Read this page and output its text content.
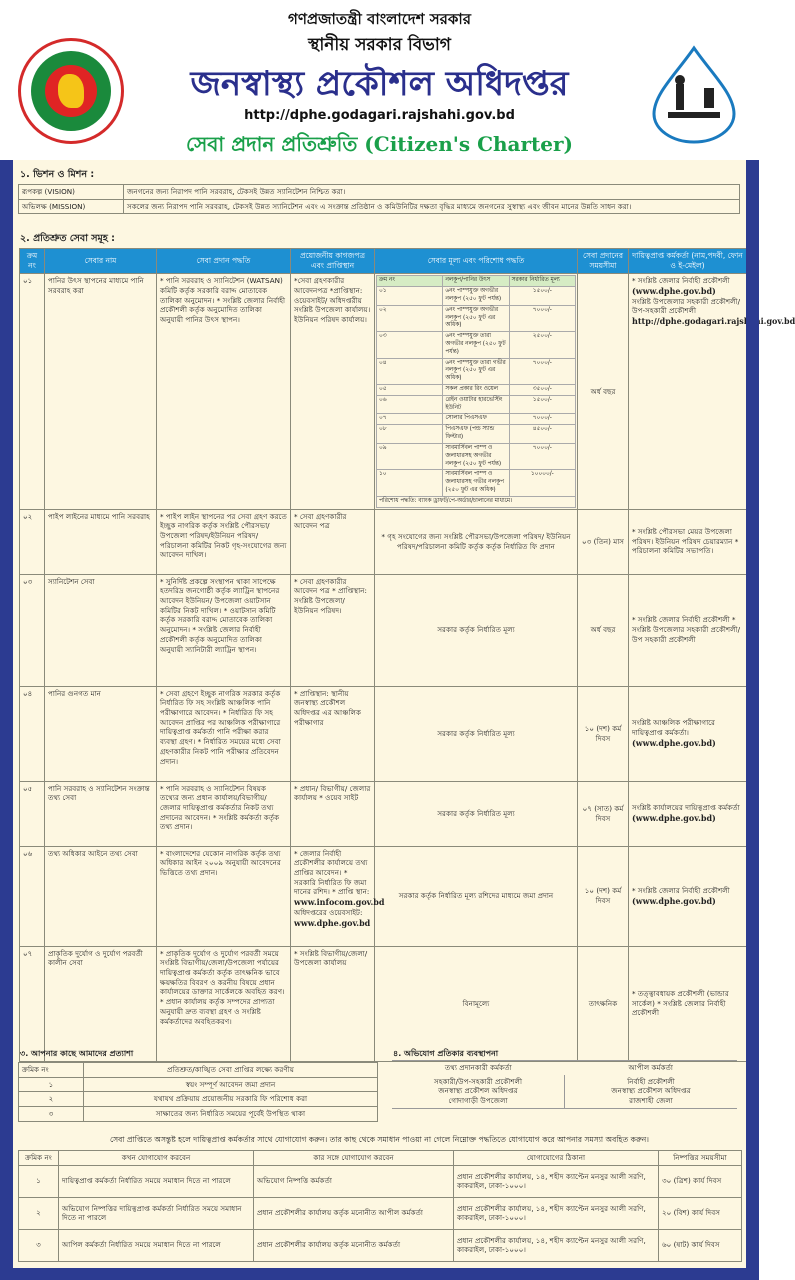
গণপ্রজাতন্ত্রী বাংলাদেশ সরকার
স্থানীয় সরকার বিভাগ
জনস্বাস্থ্য প্রকৌশল অধিদপ্তর
http://dphe.godagari.rajshahi.gov.bd
সেবা প্রদান প্রতিশ্রুতি (Citizen's Charter)
১. ভিশন ও মিশন :
রূপকল্প (VISION)	জনগনের জন্য নিরাপদ পানি সরবরাহ, টেকসই উন্নত স্যানিটেশন নিশ্চিত করা।
অভিলক্ষ (MISSION)	সকলের জন্য নিরাপদ পানি সরবরাহ, টেকসই উন্নত স্যানিটেশন এবং এ সংক্রান্ত প্রতিষ্ঠান ও কমিউনিটির দক্ষতা বৃদ্ধির মাধ্যমে জনগনের সুস্বাস্থ্য এবং জীবন মানের উন্নতি সাধন করা।
২. প্রতিশ্রুত সেবা সমূহ :
ক্রম নং	সেবার নাম	সেবা প্রদান পদ্ধতি	প্রয়োজনীয় কাগজপত্র এবং প্রাপ্তিস্থান	সেবার মূল্য এবং পরিশোধ পদ্ধতি	সেবা প্রদানের সময়সীমা	দায়িত্বপ্রাপ্ত কর্মকর্তা (নাম,পদবী, ফোন ও ই-মেইল)
০১	পানির উৎস স্থাপনের মাধ্যমে পানি সরবরাহ করা	* পানি সরবরাহ ও স্যানিটেশন (WATSAN) কমিটি কর্তৃক সরকারি বরাদ্দ মোতাবেক তালিকা অনুমোদন। * সংশ্লিষ্ট জেলার নির্বাহী প্রকৌশলী কর্তৃক অনুমোদিত তালিকা অনুযায়ী পানির উৎস স্থাপন।	
*সেবা গ্রহণকারীর আবেদনপত্র *প্রাপ্তিস্থান: ওয়েবসাইট/ অধিদপ্তরীয় সংশ্লিষ্ট উপজেলা কার্যালয়। ইউনিয়ন পরিষদ কার্যালয়।

ক্রম নং	নলকূপ/পানির উৎস	সরকার নির্ধারিত মূল্য
০১	৬নং পাম্পযুক্ত অগভীর নলকূপ (২৫০ ফুট পর্যন্ত)	১৫০০/-
০২	৬নং পাম্পযুক্ত অগভীর নলকূপ (২৫০ ফুট এর অধিক)	৭০০০/-
০৩	৬নং পাম্পযুক্ত তারা অগভীর নলকূপ (২৫০ ফুট পর্যন্ত)	২৫০০/-
০৪	৬নং পাম্পযুক্ত তারা গভীর নলকূপ (২৫০ ফুট এর অধিক)	৭০০০/-
০৫	সকল প্রকার রিং ওয়েল	৩৫০০/-
০৬	রেইন ওয়াটার হারভেস্টিং ইউনিট	১৫০০/-
০৭	সোলার পিএসএফ	৭০০০/-
০৮	পিএসএফ (পন্ড স্যান্ড ফিল্টার)	৪৫০০/-
০৯	সাবমার্সিবল পাম্প ও জলাধারসহ অগভীর নলকূপ (২৫০ ফুট পর্যন্ত)	৭০০০/-
১০	সাবমার্সিবল পাম্প ও জলাধারসহ গভীর নলকূপ (২৫০ ফুট এর অধিক)	১০০০০/-
পরিশোধ পদ্ধতি: ব্যাংক ড্রাফট/পে-অর্ডার/চালানের মাধ্যমে।
	অর্ধ বছর	
* সংশ্লিষ্ট জেলার নির্বাহী প্রকৌশলী
(www.dphe.gov.bd)
সংশ্লিষ্ট উপজেলার সহকারী প্রকৌশলী/উপ-সহকারী প্রকৌশলী
http://dphe.godagari.rajshahi.gov.bd

০২	পাইপ লাইনের মাধ্যমে পানি সরবরাহ	* পাইপ লাইন স্থাপনের পর সেবা গ্রহণ করতে ইচ্ছুক নাগরিক কর্তৃক সংশ্লিষ্ট পৌরসভা/ উপজেলা পরিষদ/ইউনিয়ন পরিষদ/ পরিচালনা কমিটির নিকট গৃহ-সংযোগের জন্য আবেদন দাখিল।	
* সেবা গ্রহণকারীর আবেদন পত্র
	* গৃহ সংযোগের জন্য সংশ্লিষ্ট পৌরসভা/উপজেলা পরিষদ/ ইউনিয়ন পরিষদ/পরিচালনা কমিটি কর্তৃক কর্তৃক নির্ধারিত ফি প্রদান	০৩ (তিন) মাস	
* সংশ্লিষ্ট পৌরসভা মেয়র উপজেলা পরিষদ। ইউনিয়ন পরিষদ চেয়ারম্যান * পরিচালনা কমিটির সভাপতি।

০৩	স্যানিটেশন সেবা	* সুনির্দিষ্ট প্রকল্পে সংস্থাপন থাকা সাপেক্ষে হতদরিদ্র জনগোষ্ঠী কর্তৃক ল্যাট্রিন স্থাপনের আবেদন ইউনিয়ন/ উপজেলা ওয়াটসান কমিটির নিকট দাখিল। * ওয়াটসান কমিটি কর্তৃক সরকারি বরাদ্দ মোতাবেক তালিকা অনুমোদন। * সংশ্লিষ্ট জেলার নির্বাহী প্রকৌশলী কর্তৃক অনুমোদিত তালিকা অনুযায়ী স্যানিটারী ল্যাট্রিন স্থাপন।	
* সেবা গ্রহণকারীর আবেদন পত্র * প্রাপ্তিস্থান: সংশ্লিষ্ট উপজেলা/ ইউনিয়ন পরিষদ।
	সরকার কর্তৃক নির্ধারিত মূল্য	অর্ধ বছর	
* সংশ্লিষ্ট জেলার নির্বাহী প্রকৌশলী * সংশ্লিষ্ট উপজেলার সহকারী প্রকৌশলী/উপ সহকারী প্রকৌশলী

০৪	পানির গুনগত মান	* সেবা গ্রহণে ইচ্ছুক নাগরিক সরকার কর্তৃক নির্ধারিত ফি সহ সংশ্লিষ্ট আঞ্চলিক পানি পরীক্ষাগারে আবেদন। * নির্ধারিত ফি সহ আবেদন প্রাপ্তির পর আঞ্চলিক পরীক্ষাগারে দায়িত্বপ্রাপ্ত কর্মকর্তা পানি পরীক্ষা করার ব্যবস্থা গ্রহণ। * নির্ধারিত সময়ের মধ্যে সেবা গ্রহণকারীর নিকট পানি পরীক্ষার প্রতিবেদন প্রদান।	
* প্রাপ্তিস্থান: স্থানীয় জনস্বাস্থ্য প্রকৌশল অধিদপ্তর এর আঞ্চলিক পরীক্ষাগার
	সরকার কর্তৃক নির্ধারিত মূল্য	১০ (দশ) কর্ম দিবস	
সংশ্লিষ্ট আঞ্চলিক পরীক্ষাগারে দায়িত্বপ্রাপ্ত কর্মকর্তা।
(www.dphe.gov.bd)

০৫	পানি সরবরাহ ও স্যানিটেশন সংক্রান্ত তথ্য সেবা	* পানি সরবরাহ ও স্যানিটেশন বিষয়ক তথ্যের জন্য প্রধান কার্যালয়/বিভাগীয়/ জেলার দায়িত্বপ্রাপ্ত কর্মকর্তার নিকট তথ্য প্রদানের আবেদন। * সংশ্লিষ্ট কর্মকর্তা কর্তৃক তথ্য প্রদান।	
* প্রধান/ বিভাগীয়/ জেলার কার্যালয় * ওয়েব সাইট
	সরকার কর্তৃক নির্ধারিত মূল্য	০৭ (সাত) কর্ম দিবস	
সংশ্লিষ্ট কার্যালয়ের দায়িত্বপ্রাপ্ত কর্মকর্তা
(www.dphe.gov.bd)

০৬	তথ্য অধিকার আইনে তথ্য সেবা	* বাংলাদেশের যেকোন নাগরিক কর্তৃক তথ্য অধিকার আইন ২০০৯ অনুযায়ী আবেদনের ভিত্তিতে তথ্য প্রদান।	
* জেলার নির্বাহী প্রকৌশলীর কার্যালয়ে তথ্য প্রাপ্তির আবেদন। * সরকারি নির্ধারিত ফি জমা দানের রশিদ। * প্রাপ্তি স্থান:
www.infocom.gov.bd
অধিদপ্তরের ওয়েবসাইট:
www.dphe.gov.bd
	সরকার কর্তৃক নির্ধারিত মূল্য রশিদের মাধ্যমে জমা প্রদান	১০ (দশ) কর্ম দিবস	
* সংশ্লিষ্ট জেলার নির্বাহী প্রকৌশলী
(www.dphe.gov.bd)

০৭	প্রাকৃতিক দুর্যোগ ও দুর্যোগ পরবর্তী কালীন সেবা	* প্রাকৃতিক দুর্যোগ ও দুর্যোগ পরবর্তী সময়ে সংশ্লিষ্ট বিভাগীয়/জেলা/উপজেলা পর্যায়ের দায়িত্বপ্রাপ্ত কর্মকর্তা কর্তৃক তাৎক্ষনিক ভাবে ক্ষয়ক্ষতির বিবরণ ও করনীয় বিষয়ে প্রধান কার্যালয়ের ডাক্তার সার্কেলকে অবহিত করণ। * প্রধান কার্যালয় কর্তৃক সম্পদের প্রাপ্যতা অনুযায়ী দ্রুত ব্যবস্থা গ্রহণ ও সংশ্লিষ্ট কর্মকর্তাদের অবহিতকরণ।	
* সংশ্লিষ্ট বিভাগীয়/জেলা/ উপজেলা কার্যালয়
	বিনামূল্যে	তাৎক্ষনিক	
* তত্ত্বাবধায়ক প্রকৌশলী (ভান্ডার সার্কেল) * সংশ্লিষ্ট জেলার নির্বাহী প্রকৌশলী
৩. আপনার কাছে আমাদের প্রত্যাশা
ক্রমিক নং	প্রতিশ্রুত/কাঙ্খিত সেবা প্রাপ্তির লক্ষ্যে করণীয়
১	স্বয়ং সম্পূর্ণ আবেদন জমা প্রদান
২	যথাযথ প্রক্রিয়ায় প্রয়োজনীয় সরকারি ফি পরিশোধ করা
৩	সাক্ষাতের জন্য নির্ধারিত সময়ের পূর্বেই উপস্থিত থাকা
৪. অভিযোগ প্রতিকার ব্যবস্থাপনা
তথ্য প্রদানকারী কর্মকর্তা	আপীল কর্মকর্তা

সহকারী/উপ-সহকারী প্রকৌশলী
জনস্বাস্থ্য প্রকৌশল অধিদপ্তর
গোদাগাড়ী উপজেলা	নির্বাহী প্রকৌশলী
জনস্বাস্থ্য প্রকৌশল অধিদপ্তর
রাজশাহী জেলা
সেবা প্রাপ্তিতে অসন্তুষ্ট হলে দায়িত্বপ্রাপ্ত কর্মকর্তার সাথে যোগাযোগ করুন। তার কাছ থেকে সমাধান পাওয়া না গেলে নিম্নোক্ত পদ্ধতিতে যোগাযোগ করে আপনার সমস্যা অবহিত করুন।
ক্রমিক নং	কখন যোগাযোগ করবেন	কার সঙ্গে যোগাযোগ করবেন	যোগাযোগের ঠিকানা	নিষ্পত্তির সময়সীমা
১	দায়িত্বপ্রাপ্ত কর্মকর্তা নির্ধারিত সময়ে সমাধান দিতে না পারলে	অভিযোগ নিষ্পত্তি কর্মকর্তা	প্রধান প্রকৌশলীর কার্যালয়, ১৪, শহীদ ক্যাপ্টেন মনসুর আলী সরণি, কাকরাইল, ঢাকা-১০০০।	৩০ (ত্রিশ) কার্য দিবস
২	অভিযোগ নিষ্পত্তির দায়িত্বপ্রাপ্ত কর্মকর্তা নির্ধারিত সময়ে সমাধান দিতে না পারলে	প্রধান প্রকৌশলীর কার্যালয় কর্তৃক মনোনীত আপীল কর্মকর্তা	প্রধান প্রকৌশলীর কার্যালয়, ১৪, শহীদ ক্যাপ্টেন মনসুর আলী সরণি, কাকরাইল, ঢাকা-১০০০।	২০ (বিশ) কার্য দিবস
৩	আপিল কর্মকর্তা নির্ধারিত সময়ে সমাধান দিতে না পারলে	প্রধান প্রকৌশলীর কার্যালয় কর্তৃক মনোনীত কর্মকর্তা	প্রধান প্রকৌশলীর কার্যালয়, ১৪, শহীদ ক্যাপ্টেন মনসুর আলী সরণি, কাকরাইল, ঢাকা-১০০০।	৬০ (ষাট) কার্য দিবস
